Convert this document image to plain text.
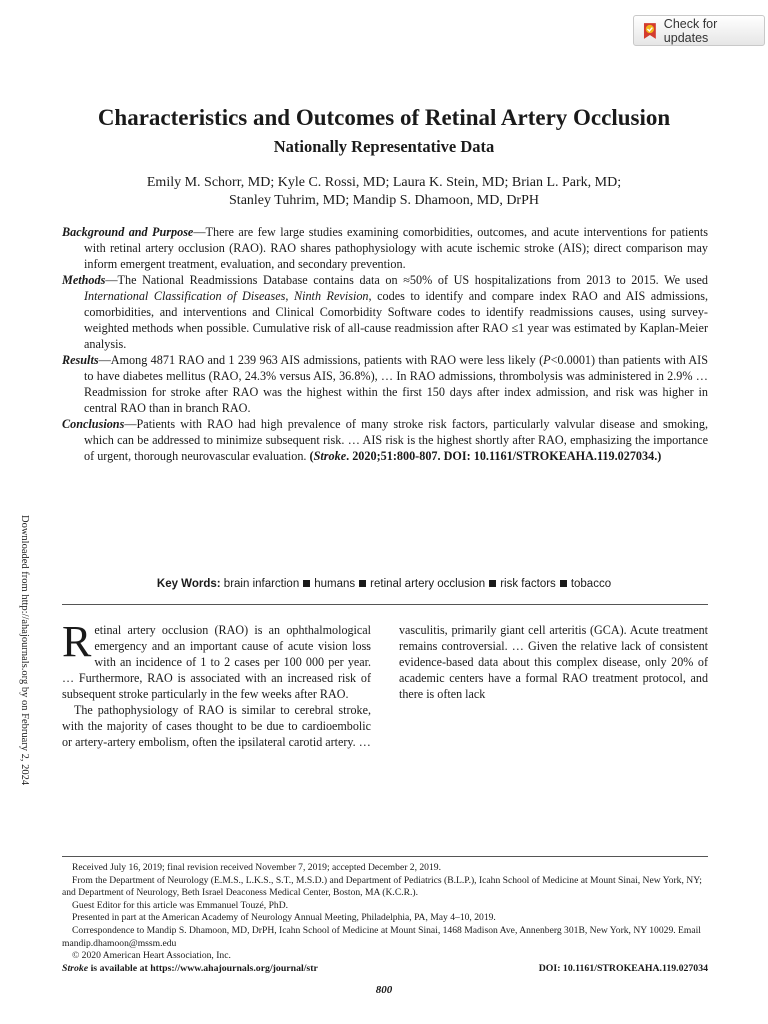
Check for updates
Downloaded from http://ahajournals.org by on February 2, 2024
Characteristics and Outcomes of Retinal Artery Occlusion
Nationally Representative Data
Emily M. Schorr, MD; Kyle C. Rossi, MD; Laura K. Stein, MD; Brian L. Park, MD;
Stanley Tuhrim, MD; Mandip S. Dhamoon, MD, DrPH

Background and Purpose—There are few large studies examining comorbidities, outcomes, and acute interventions for patients with retinal artery occlusion (RAO). RAO shares pathophysiology with acute ischemic stroke (AIS); direct comparison may inform emergent treatment, evaluation, and secondary prevention.

Methods—The National Readmissions Database contains data on ≈50% of US hospitalizations from 2013 to 2015. We used International Classification of Diseases, Ninth Revision, codes to identify and compare index RAO and AIS admissions, comorbidities, and interventions and Clinical Comorbidity Software codes to identify readmissions causes, using survey-weighted methods when possible. Cumulative risk of all-cause readmission after RAO ≤1 year was estimated by Kaplan-Meier analysis.

Results—Among 4871 RAO and 1 239 963 AIS admissions, patients with RAO were less likely (P<0.0001) than patients with AIS to have diabetes mellitus (RAO, 24.3% versus AIS, 36.8%), … In RAO admissions, thrombolysis was administered in 2.9% … Readmission for stroke after RAO was the highest within the first 150 days after index admission, and risk was higher in central RAO than in branch RAO.

Conclusions—Patients with RAO had high prevalence of many stroke risk factors, particularly valvular disease and smoking, which can be addressed to minimize subsequent risk. … AIS risk is the highest shortly after RAO, emphasizing the importance of urgent, thorough neurovascular evaluation. (Stroke. 2020;51:800-807. DOI: 10.1161/STROKEAHA.119.027034.)

Key Words: brain infarction humans retinal artery occlusion risk factors tobacco

Retinal artery occlusion (RAO) is an ophthalmological emergency and an important cause of acute vision loss with an incidence of 1 to 2 cases per 100 000 per year. … Furthermore, RAO is associated with an increased risk of subsequent stroke particularly in the few weeks after RAO.

The pathophysiology of RAO is similar to cerebral stroke, with the majority of cases thought to be due to cardioembolic or artery-artery embolism, often the ipsilateral carotid artery. …

vasculitis, primarily giant cell arteritis (GCA). Acute treatment remains controversial. … Given the relative lack of consistent evidence-based data about this complex disease, only 20% of academic centers have a formal RAO treatment protocol, and there is often lack

Received July 16, 2019; final revision received November 7, 2019; accepted December 2, 2019.

From the Department of Neurology (E.M.S., L.K.S., S.T., M.S.D.) and Department of Pediatrics (B.L.P.), Icahn School of Medicine at Mount Sinai, New York, NY; and Department of Neurology, Beth Israel Deaconess Medical Center, Boston, MA (K.C.R.).

Guest Editor for this article was Emmanuel Touzé, PhD.

Presented in part at the American Academy of Neurology Annual Meeting, Philadelphia, PA, May 4–10, 2019.

Correspondence to Mandip S. Dhamoon, MD, DrPH, Icahn School of Medicine at Mount Sinai, 1468 Madison Ave, Annenberg 301B, New York, NY 10029. Email mandip.dhamoon@mssm.edu

© 2020 American Heart Association, Inc.

Stroke is available at https://www.ahajournals.org/journal/str	DOI: 10.1161/STROKEAHA.119.027034
800
